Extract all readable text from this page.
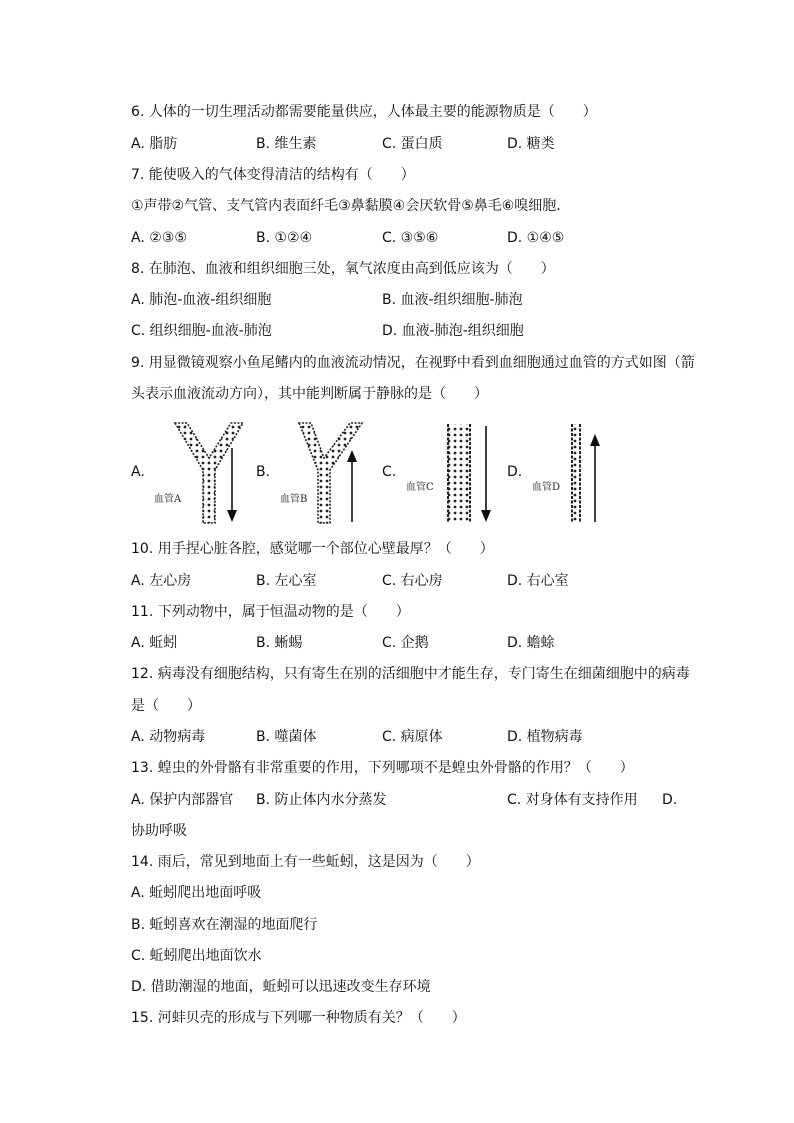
6. 人体的一切生理活动都需要能量供应，人体最主要的能源物质是（　　）
A. 脂肪	B. 维生素	C. 蛋白质	D. 糖类
7. 能使吸入的气体变得清洁的结构有（　　）
①声带②气管、支气管内表面纤毛③鼻黏膜④会厌软骨⑤鼻毛⑥嗅细胞．
A. ②③⑤	B. ①②④	C. ③⑤⑥	D. ①④⑤
8. 在肺泡、血液和组织细胞三处，氧气浓度由高到低应该为（　　）
A. 肺泡-血液-组织细胞	B. 血液-组织细胞-肺泡
C. 组织细胞-血液-肺泡	D. 血液-肺泡-组织细胞
9. 用显微镜观察小鱼尾鳍内的血液流动情况，在视野中看到血细胞通过血管的方式如图（箭
头表示血液流动方向），其中能判断属于静脉的是（　　）
A.
血管A
B.
血管B
C.
血管C
D.
血管D
10. 用手捏心脏各腔，感觉哪一个部位心壁最厚？（　　）
A. 左心房	B. 左心室	C. 右心房	D. 右心室
11. 下列动物中，属于恒温动物的是（　　）
A. 蚯蚓	B. 蜥蜴	C. 企鹅	D. 蟾蜍
12. 病毒没有细胞结构，只有寄生在别的活细胞中才能生存，专门寄生在细菌细胞中的病毒
是（　　）
A. 动物病毒	B. 噬菌体	C. 病原体	D. 植物病毒
13. 蝗虫的外骨骼有非常重要的作用，下列哪项不是蝗虫外骨骼的作用？（　　）
A. 保护内部器官 B. 防止体内水分蒸发	C. 对身体有支持作用 D.
协助呼吸
14. 雨后，常见到地面上有一些蚯蚓，这是因为（　　）
A. 蚯蚓爬出地面呼吸
B. 蚯蚓喜欢在潮湿的地面爬行
C. 蚯蚓爬出地面饮水
D. 借助潮湿的地面，蚯蚓可以迅速改变生存环境
15. 河蚌贝壳的形成与下列哪一种物质有关？（　　）
